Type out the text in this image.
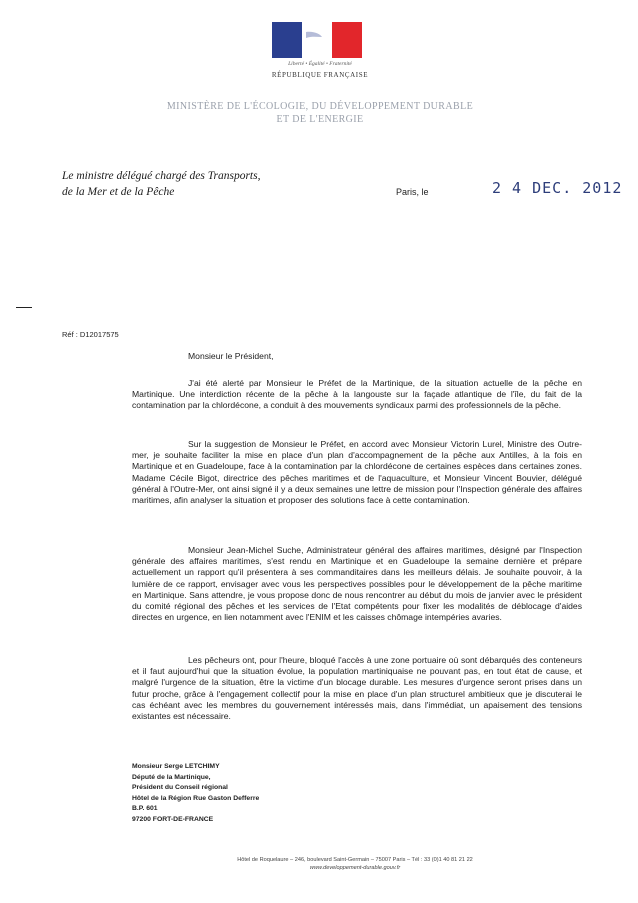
Liberté • Égalité • Fraternité
RÉPUBLIQUE FRANÇAISE
MINISTÈRE DE L'ÉCOLOGIE, DU DÉVELOPPEMENT DURABLE
ET DE L'ENERGIE
Le ministre délégué chargé des Transports,
de la Mer et de la Pêche	Paris, le	2 4 DEC. 2012
Réf : D12017575
Monsieur le Président,

J'ai été alerté par Monsieur le Préfet de la Martinique, de la situation actuelle de la pêche en Martinique. Une interdiction récente de la pêche à la langouste sur la façade atlantique de l'île, du fait de la contamination par la chlordécone, a conduit à des mouvements syndicaux parmi des professionnels de la pêche.

Sur la suggestion de Monsieur le Préfet, en accord avec Monsieur Victorin Lurel, Ministre des Outre-mer, je souhaite faciliter la mise en place d'un plan d'accompagnement de la pêche aux Antilles, à la fois en Martinique et en Guadeloupe, face à la contamination par la chlordécone de certaines espèces dans certaines zones. Madame Cécile Bigot, directrice des pêches maritimes et de l'aquaculture, et Monsieur Vincent Bouvier, délégué général à l'Outre-Mer, ont ainsi signé il y a deux semaines une lettre de mission pour l'Inspection générale des affaires maritimes, afin analyser la situation et proposer des solutions face à cette contamination.

Monsieur Jean-Michel Suche, Administrateur général des affaires maritimes, désigné par l'Inspection générale des affaires maritimes, s'est rendu en Martinique et en Guadeloupe la semaine dernière et prépare actuellement un rapport qu'il présentera à ses commanditaires dans les meilleurs délais. Je souhaite pouvoir, à la lumière de ce rapport, envisager avec vous les perspectives possibles pour le développement de la pêche maritime en Martinique. Sans attendre, je vous propose donc de nous rencontrer au début du mois de janvier avec le président du comité régional des pêches et les services de l'Etat compétents pour fixer les modalités de déblocage d'aides directes en urgence, en lien notamment avec l'ENIM et les caisses chômage intempéries avaries.

Les pêcheurs ont, pour l'heure, bloqué l'accès à une zone portuaire où sont débarqués des conteneurs et il faut aujourd'hui que la situation évolue, la population martiniquaise ne pouvant pas, en tout état de cause, et malgré l'urgence de la situation, être la victime d'un blocage durable. Les mesures d'urgence seront prises dans un futur proche, grâce à l'engagement collectif pour la mise en place d'un plan structurel ambitieux que je discuterai le cas échéant avec les membres du gouvernement intéressés mais, dans l'immédiat, un apaisement des tensions existantes est nécessaire.

Monsieur Serge LETCHIMY
Député de la Martinique,
Président du Conseil régional
Hôtel de la Région Rue Gaston Defferre
B.P. 601
97200 FORT-DE-FRANCE
Hôtel de Roquelaure – 246, boulevard Saint-Germain – 75007 Paris – Tél : 33 (0)1 40 81 21 22
www.developpement-durable.gouv.fr
